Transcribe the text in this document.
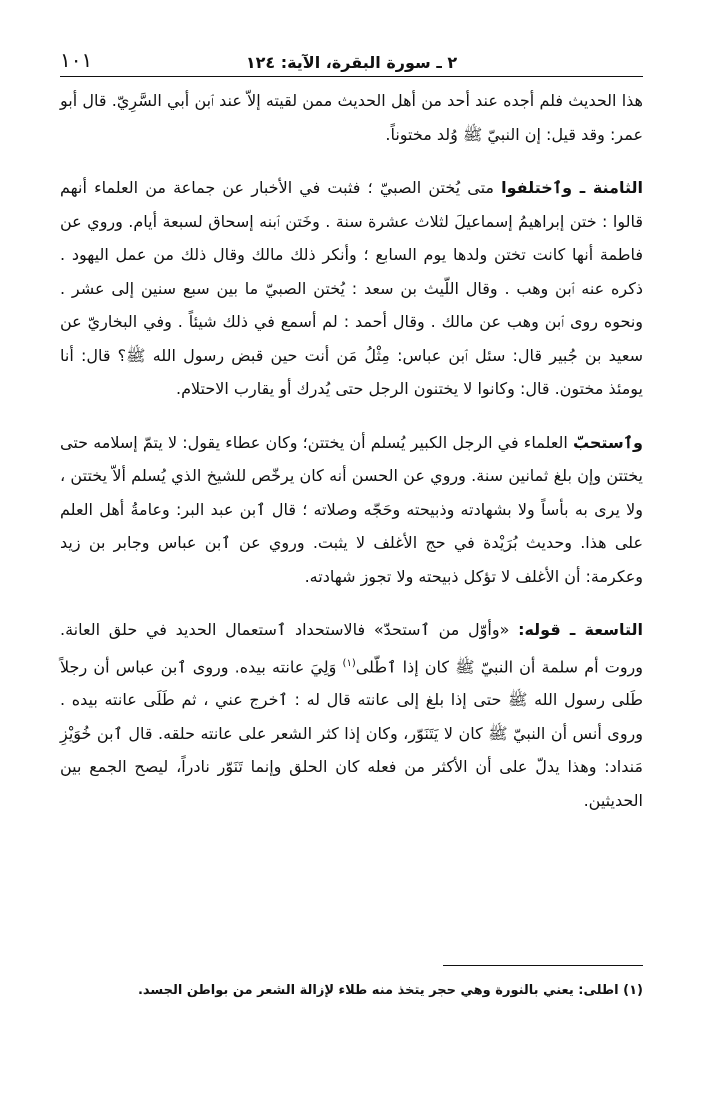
٢ ـ سورة البقرة، الآية: ١٢٤
١٠١

هذا الحديث فلم أجده عند أحد من أهل الحديث ممن لقيته إلاّ عند ٱبن أبي السَّرِيّ. قال أبو عمر: وقد قيل: إن النبيّ ﷺ وُلد مختوناً.

الثامنة ـ وٱختلفوا متى يُختن الصبيّ ؛ فثبت في الأخبار عن جماعة من العلماء أنهم قالوا : ختن إبراهيمُ إسماعيلَ لثلاث عشرة سنة . وخَتن ٱبنه إسحاق لسبعة أيام. وروي عن فاطمة أنها كانت تختن ولدها يوم السابع ؛ وأنكر ذلك مالك وقال ذلك من عمل اليهود . ذكره عنه ٱبن وهب . وقال اللّيث بن سعد : يُختن الصبيّ ما بين سبع سنين إلى عشر . ونحوه روى ٱبن وهب عن مالك . وقال أحمد : لم أسمع في ذلك شيئاً . وفي البخاريّ عن سعيد بن جُبير قال: سئل ٱبن عباس: مِثْلُ مَن أنت حين قبض رسول الله ﷺ؟ قال: أنا يومئذ مختون. قال: وكانوا لا يختنون الرجل حتى يُدرك أو يقارب الاحتلام.

وٱستحبّ العلماء في الرجل الكبير يُسلم أن يختتن؛ وكان عطاء يقول: لا يتمّ إسلامه حتى يختتن وإن بلغ ثمانين سنة. وروي عن الحسن أنه كان يرخّص للشيخ الذي يُسلم ألاّ يختتن ، ولا يرى به بأساً ولا بشهادته وذبيحته وحَجّه وصلاته ؛ قال ٱبن عبد البر: وعامةُ أهل العلم على هذا. وحديث بُرَيْدة في حج الأغلف لا يثبت. وروي عن ٱبن عباس وجابر بن زيد وعكرمة: أن الأغلف لا تؤكل ذبيحته ولا تجوز شهادته.

التاسعة ـ قوله: «وأوّل من ٱستحدّ» فالاستحداد ٱستعمال الحديد في حلق العانة. وروت أم سلمة أن النبيّ ﷺ كان إذا ٱطّلى$^{(١)}$ وَلِيَ عانته بيده. وروى ٱبن عباس أن رجلاً طَلى رسول الله ﷺ حتى إذا بلغ إلى عانته قال له : ٱخرج عني ، ثم طَلَى عانته بيده . وروى أنس أن النبيّ ﷺ كان لا يَتَنَوّر، وكان إذا كثر الشعر على عانته حلقه. قال ٱبن خُوَيْزِ مَنداد: وهذا يدلّ على أن الأكثر من فعله كان الحلق وإنما تَنَوّر نادراً، ليصح الجمع بين الحديثين.

(١) اطلى: يعني بالنورة وهي حجر يتخذ منه طلاء لإزالة الشعر من بواطن الجسد.
